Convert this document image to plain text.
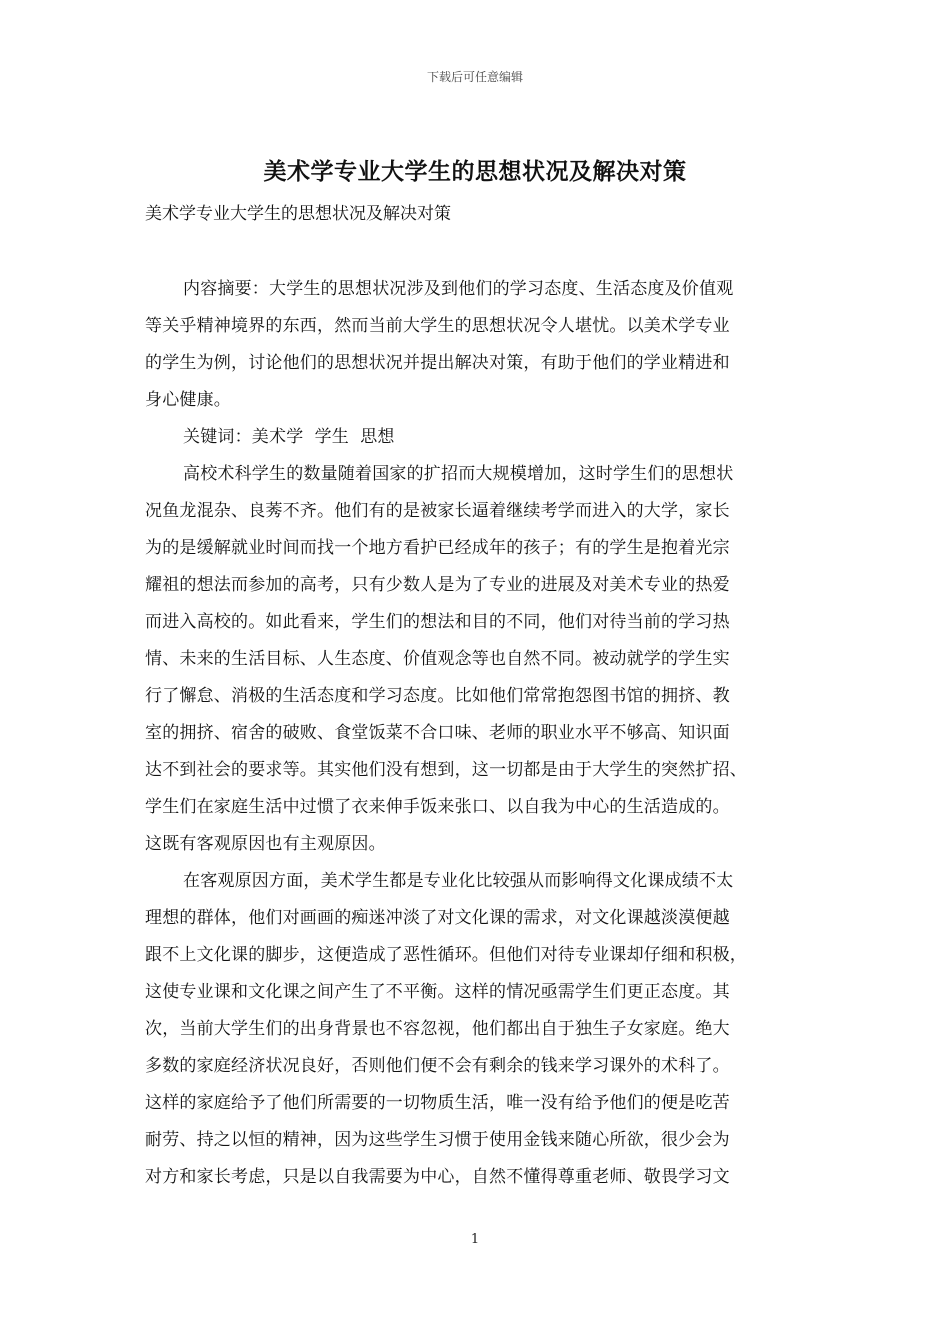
下载后可任意编辑
美术学专业大学生的思想状况及解决对策
美术学专业大学生的思想状况及解决对策
内容摘要：大学生的思想状况涉及到他们的学习态度、生活态度及价值观
等关乎精神境界的东西，然而当前大学生的思想状况令人堪忧。以美术学专业
的学生为例，讨论他们的思想状况并提出解决对策，有助于他们的学业精进和
身心健康。
关键词：美术学  学生  思想
高校术科学生的数量随着国家的扩招而大规模增加，这时学生们的思想状
况鱼龙混杂、良莠不齐。他们有的是被家长逼着继续考学而进入的大学，家长
为的是缓解就业时间而找一个地方看护已经成年的孩子；有的学生是抱着光宗
耀祖的想法而参加的高考，只有少数人是为了专业的进展及对美术专业的热爱
而进入高校的。如此看来，学生们的想法和目的不同，他们对待当前的学习热
情、未来的生活目标、人生态度、价值观念等也自然不同。被动就学的学生实
行了懈怠、消极的生活态度和学习态度。比如他们常常抱怨图书馆的拥挤、教
室的拥挤、宿舍的破败、食堂饭菜不合口味、老师的职业水平不够高、知识面
达不到社会的要求等。其实他们没有想到，这一切都是由于大学生的突然扩招、
学生们在家庭生活中过惯了衣来伸手饭来张口、以自我为中心的生活造成的。
这既有客观原因也有主观原因。
在客观原因方面，美术学生都是专业化比较强从而影响得文化课成绩不太
理想的群体，他们对画画的痴迷冲淡了对文化课的需求，对文化课越淡漠便越
跟不上文化课的脚步，这便造成了恶性循环。但他们对待专业课却仔细和积极，
这使专业课和文化课之间产生了不平衡。这样的情况亟需学生们更正态度。其
次，当前大学生们的出身背景也不容忽视，他们都出自于独生子女家庭。绝大
多数的家庭经济状况良好，否则他们便不会有剩余的钱来学习课外的术科了。
这样的家庭给予了他们所需要的一切物质生活，唯一没有给予他们的便是吃苦
耐劳、持之以恒的精神，因为这些学生习惯于使用金钱来随心所欲，很少会为
对方和家长考虑，只是以自我需要为中心，自然不懂得尊重老师、敬畏学习文
1
